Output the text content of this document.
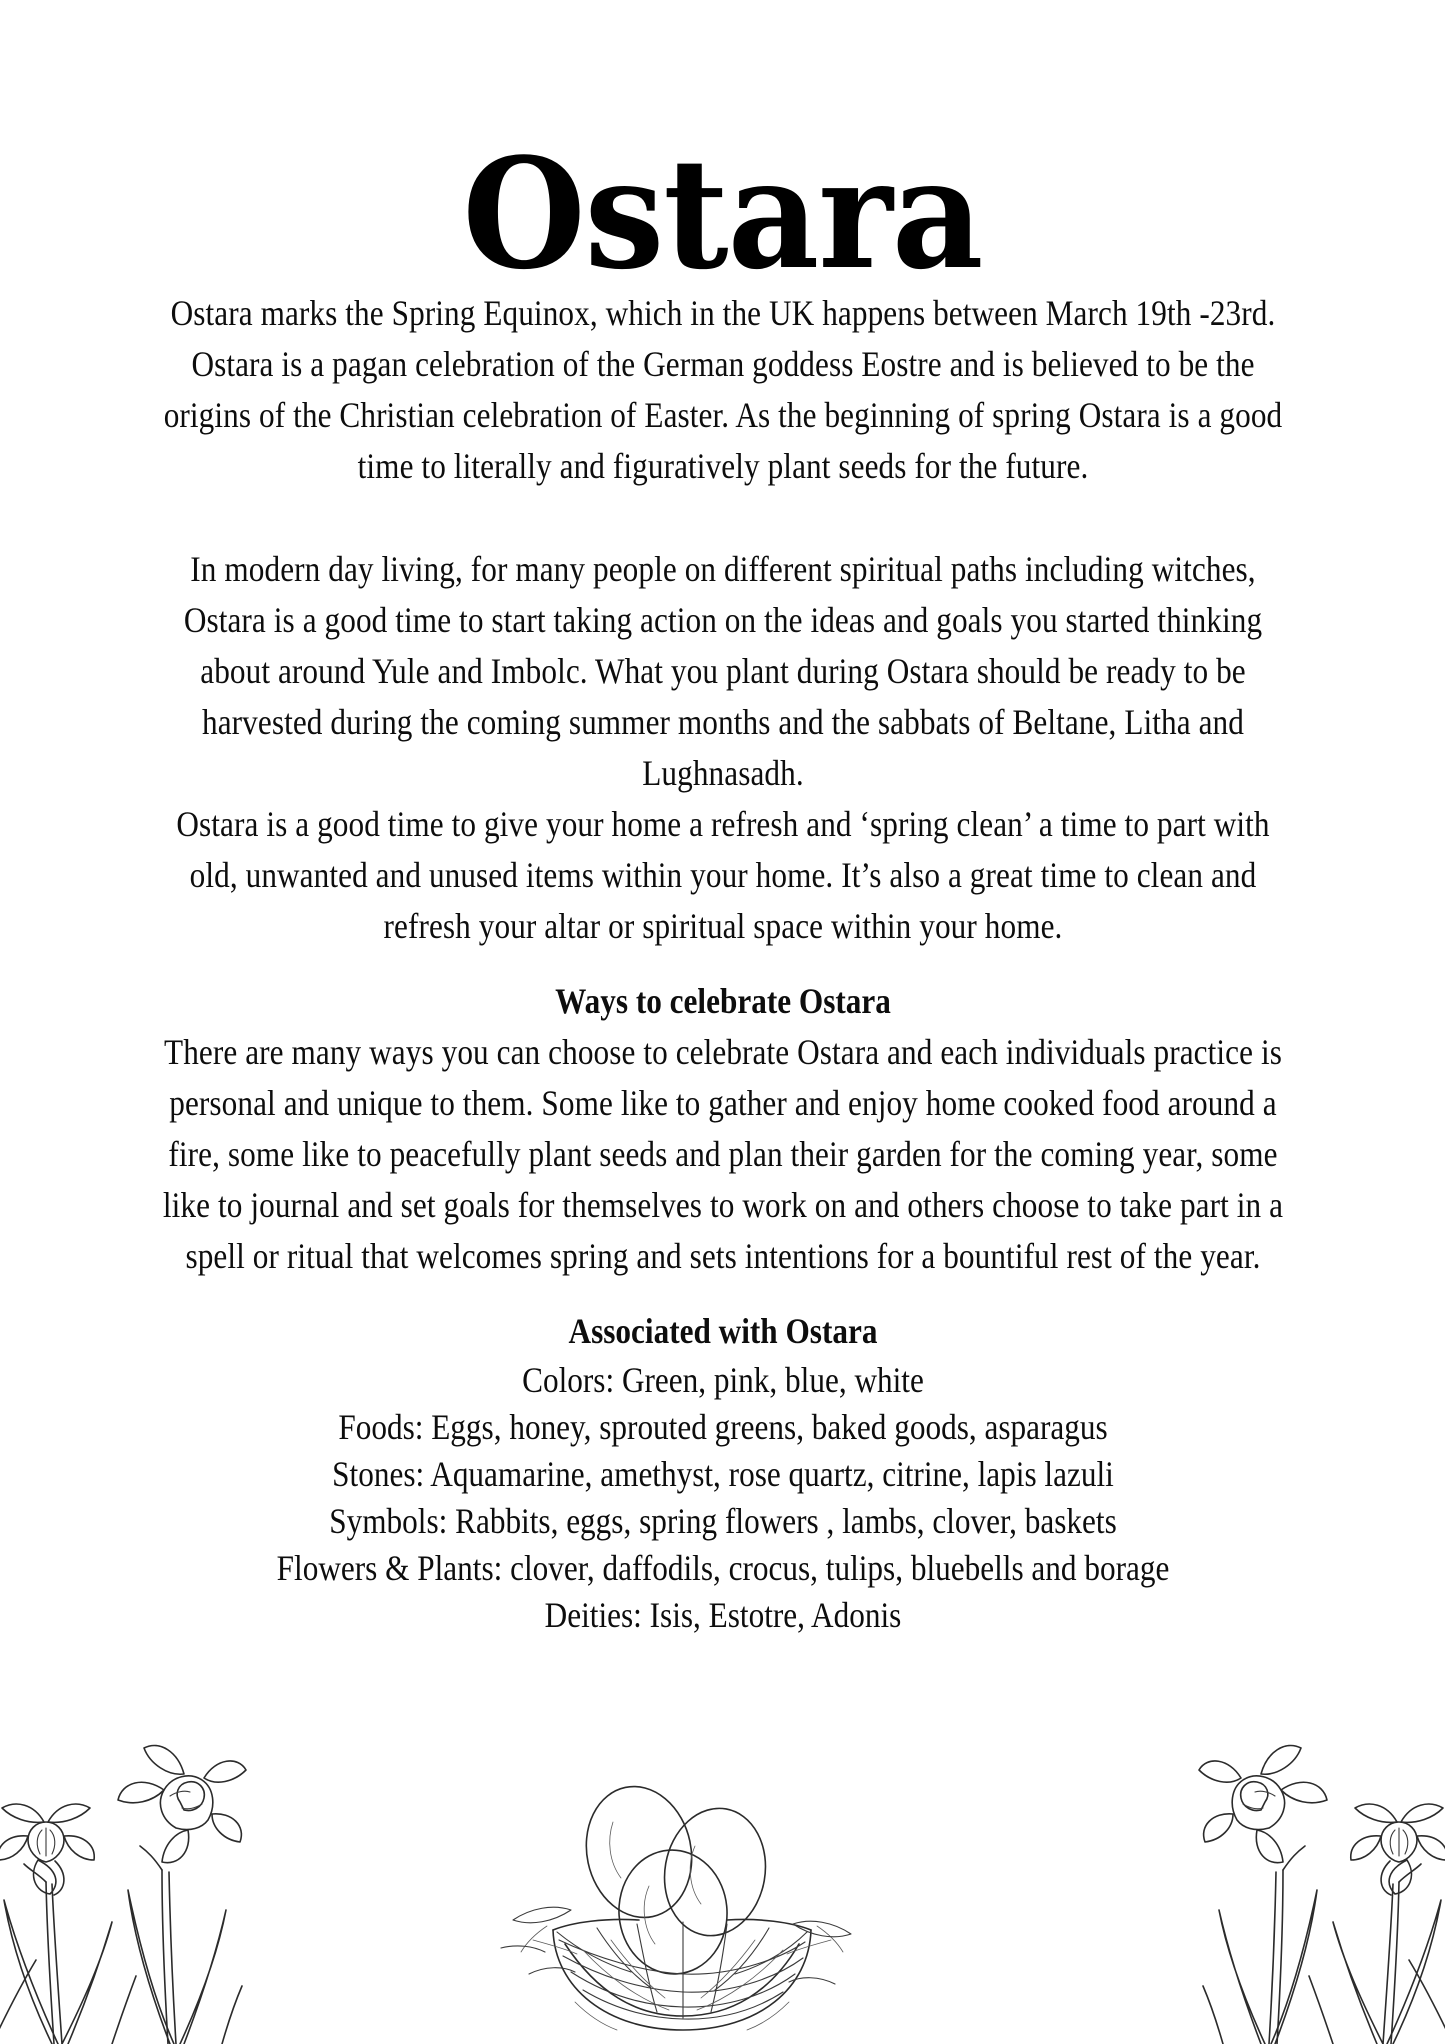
Ostara

Ostara marks the Spring Equinox, which in the UK happens between March 19th -23rd. Ostara is a pagan celebration of the German goddess Eostre and is believed to be the origins of the Christian celebration of Easter. As the beginning of spring Ostara is a good time to literally and figuratively plant seeds for the future.

In modern day living, for many people on different spiritual paths including witches, Ostara is a good time to start taking action on the ideas and goals you started thinking about around Yule and Imbolc. What you plant during Ostara should be ready to be harvested during the coming summer months and the sabbats of Beltane, Litha and Lughnasadh.

Ostara is a good time to give your home a refresh and ‘spring clean’ a time to part with old, unwanted and unused items within your home. It’s also a great time to clean and refresh your altar or spiritual space within your home.

Ways to celebrate Ostara

There are many ways you can choose to celebrate Ostara and each individuals practice is personal and unique to them. Some like to gather and enjoy home cooked food around a fire, some like to peacefully plant seeds and plan their garden for the coming year, some like to journal and set goals for themselves to work on and others choose to take part in a spell or ritual that welcomes spring and sets intentions for a bountiful rest of the year.

Associated with Ostara

Colors: Green, pink, blue, white

Foods: Eggs, honey, sprouted greens, baked goods, asparagus

Stones: Aquamarine, amethyst, rose quartz, citrine, lapis lazuli

Symbols: Rabbits, eggs, spring flowers , lambs, clover, baskets

Flowers & Plants: clover, daffodils, crocus, tulips, bluebells and borage

Deities: Isis, Estotre, Adonis
